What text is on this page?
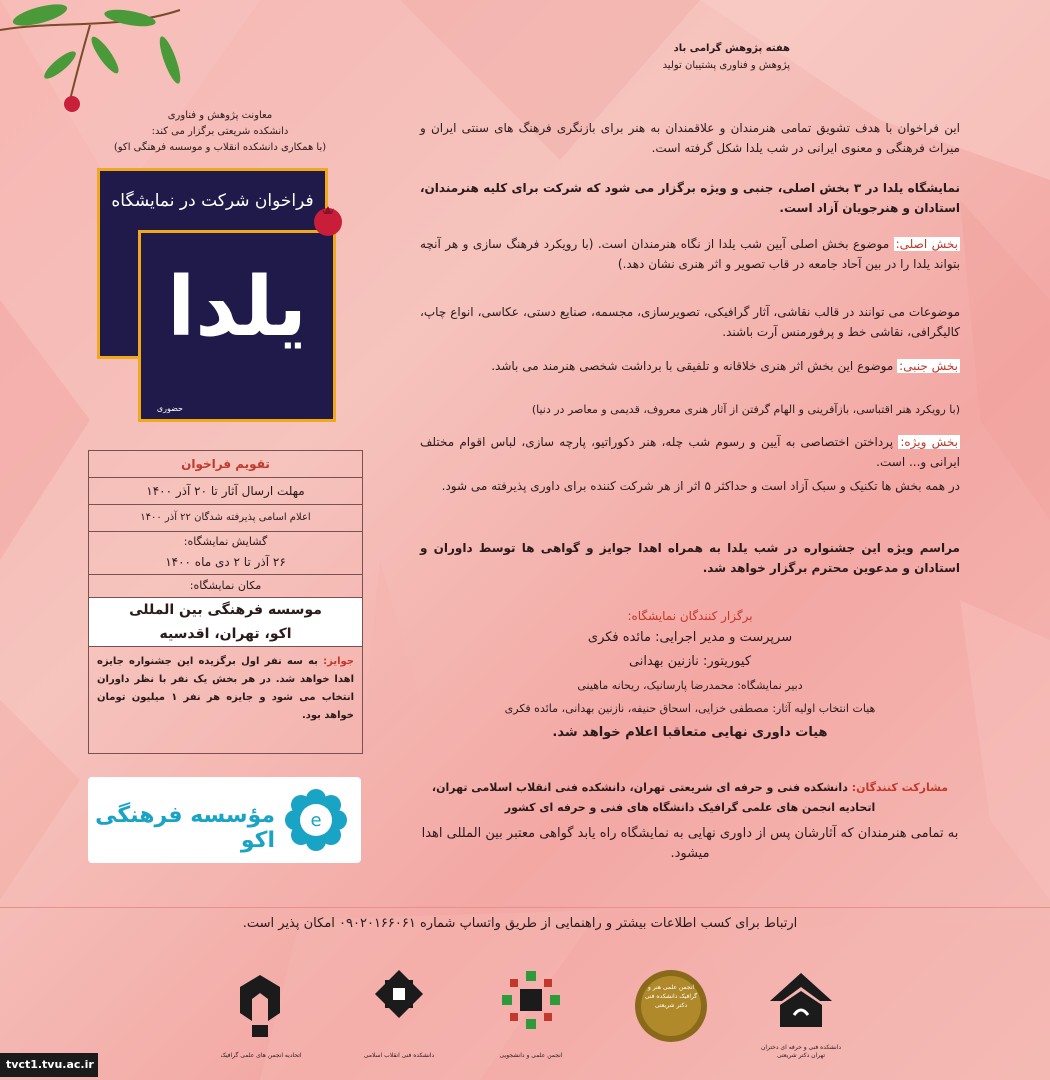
هفته پژوهش گرامی باد
پژوهش و فناوری پشتیبان تولید
معاونت پژوهش و فناوری
دانشکده شریعتی برگزار می کند:
(با همکاری دانشکده انقلاب و موسسه فرهنگی اکو)
فراخوان شرکت در نمایشگاه
یلدا
حضوری
تقویم فراخوان
مهلت ارسال آثار تا ۲۰ آذر ۱۴۰۰
اعلام اسامی پذیرفته شدگان ۲۲ آذر ۱۴۰۰
گشایش نمایشگاه:
۲۶ آذر تا ۲ دی ماه ۱۴۰۰
مکان نمایشگاه:
موسسه فرهنگی بین المللی
اکو، تهران، اقدسیه
جوایز: به سه نفر اول برگزیده این جشنواره جایزه اهدا خواهد شد. در هر بخش یک نفر با نظر داوران انتخاب می شود و جایزه هر نفر ۱ میلیون تومان خواهد بود.
e
مؤسسه فرهنگی اکو
این فراخوان با هدف تشویق تمامی هنرمندان و علاقمندان به هنر برای بازنگری فرهنگ های سنتی ایران و میراث فرهنگی و معنوی ایرانی در شب یلدا شکل گرفته است.
نمایشگاه یلدا در ۳ بخش اصلی، جنبی و ویژه برگزار می شود که شرکت برای کلیه هنرمندان، استادان و هنرجویان آزاد است.
بخش اصلی: موضوع بخش اصلی آیین شب یلدا از نگاه هنرمندان است. (با رویکرد فرهنگ سازی و هر آنچه بتواند یلدا را در بین آحاد جامعه در قاب تصویر و اثر هنری نشان دهد.)
موضوعات می توانند در قالب نقاشی، آثار گرافیکی، تصویرسازی، مجسمه، صنایع دستی، عکاسی، انواع چاپ، کالیگرافی، نقاشی خط و پرفورمنس آرت باشند.
بخش جنبی: موضوع این بخش اثر هنری خلاقانه و تلفیقی با برداشت شخصی هنرمند می باشد.
(با رویکرد هنر اقتباسی، بازآفرینی و الهام گرفتن از آثار هنری معروف، قدیمی و معاصر در دنیا)
بخش ویژه: پرداختن اختصاصی به آیین و رسوم شب چله، هنر دکوراتیو، پارچه سازی، لباس اقوام مختلف ایرانی و... است.
در همه بخش ها تکنیک و سبک آزاد است و حداکثر ۵ اثر از هر شرکت کننده برای داوری پذیرفته می شود.
مراسم ویژه این جشنواره در شب یلدا به همراه اهدا جوایز و گواهی ها توسط داوران و استادان و مدعوین محترم برگزار خواهد شد.
برگزار کنندگان نمایشگاه:
سرپرست و مدیر اجرایی: مائده فکری
کیوریتور: نازنین بهدانی
دبیر نمایشگاه: محمدرضا پارسانیک، ریحانه ماهینی
هیات انتخاب اولیه آثار: مصطفی خزایی، اسحاق حنیفه، نازنین بهدانی، مائده فکری
هیات داوری نهایی متعاقبا اعلام خواهد شد.
مشارکت کنندگان: دانشکده فنی و حرفه ای شریعتی تهران، دانشکده فنی انقلاب اسلامی تهران، اتحادیه انجمن های علمی گرافیک دانشگاه های فنی و حرفه ای کشور
به تمامی هنرمندان که آثارشان پس از داوری نهایی به نمایشگاه راه یابد گواهی معتبر بین المللی اهدا میشود.
ارتباط برای کسب اطلاعات بیشتر و راهنمایی از طریق واتساپ شماره ۰۹۰۲۰۱۶۶۰۶۱ امکان پذیر است.
اتحادیه انجمن های علمی گرافیک	دانشکده فنی انقلاب اسلامی	انجمن علمی و دانشجویی
انجمن علمی هنر و گرافیک دانشکده فنی دکتر شریعتی
دانشکده فنی و حرفه ای دختران تهران دکتر شریعتی
tvct1.tvu.ac.ir
